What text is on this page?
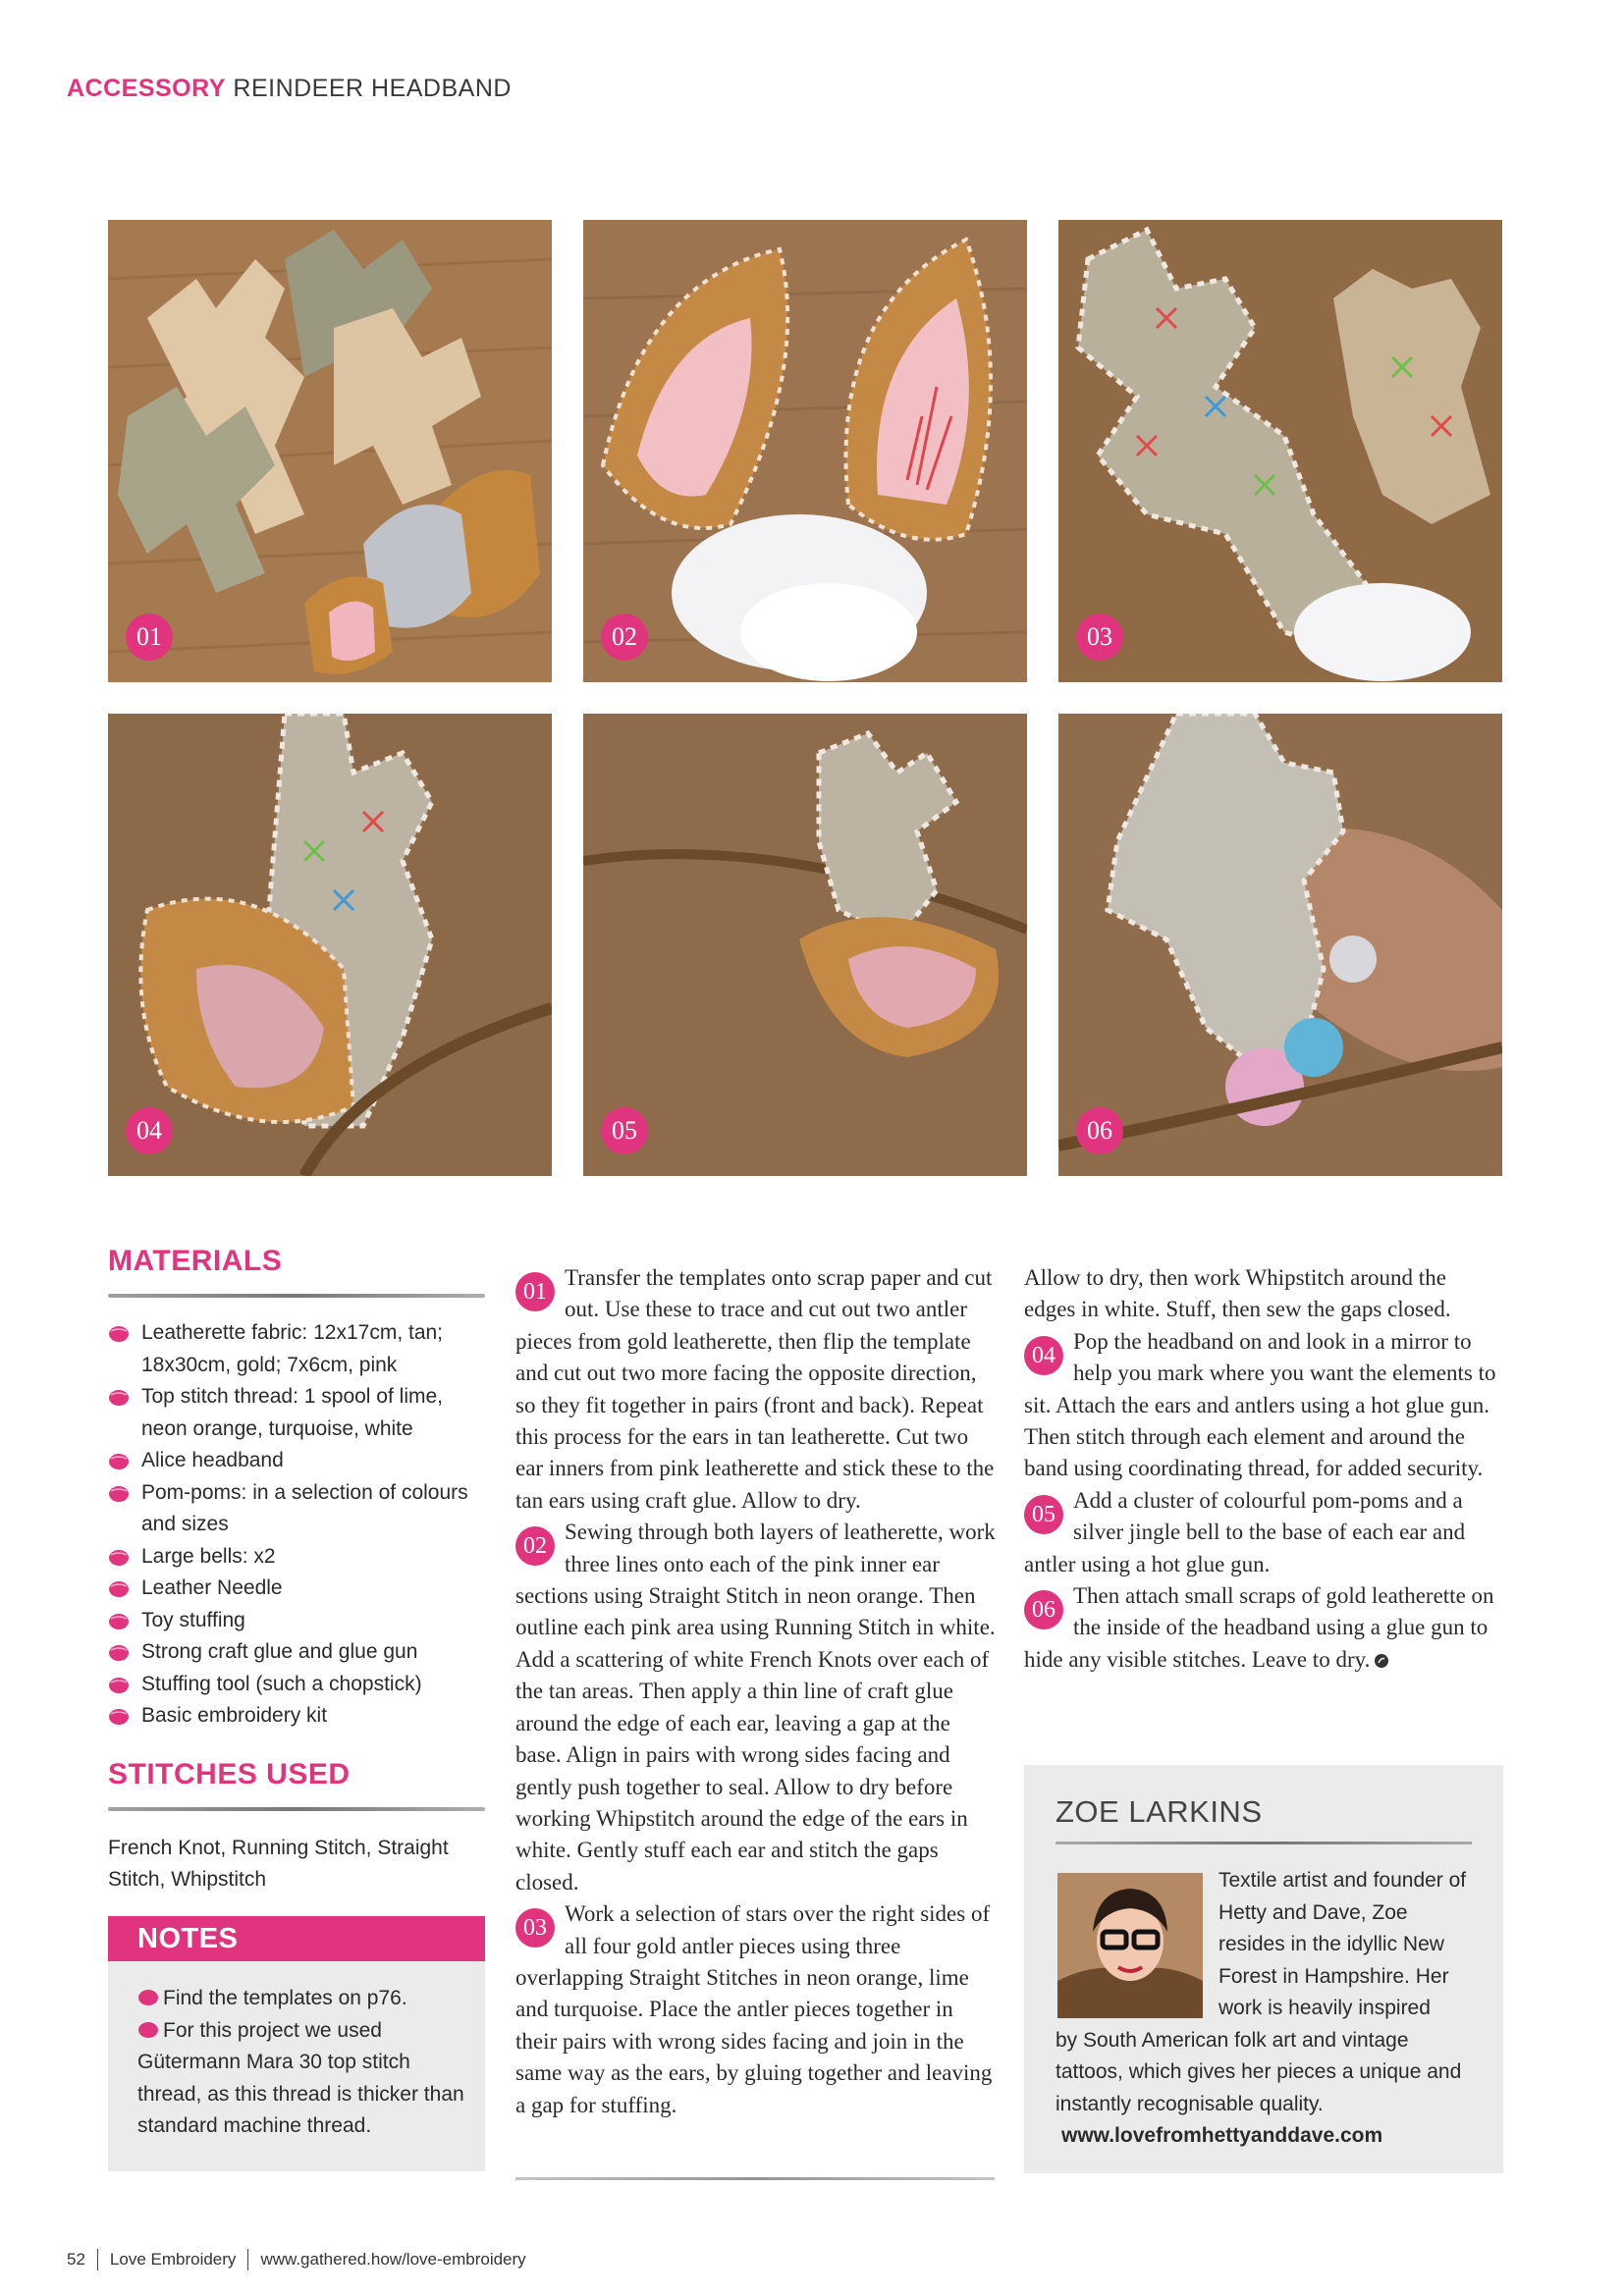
ACCESSORY REINDEER HEADBAND
01	02	03
04	05	06
MATERIALS
Leatherette fabric: 12x17cm, tan; 18x30cm, gold; 7x6cm, pink
Top stitch thread: 1 spool of lime, neon orange, turquoise, white
Alice headband
Pom-poms: in a selection of colours and sizes
Large bells: x2
Leather Needle
Toy stuffing
Strong craft glue and glue gun
Stuffing tool (such a chopstick)
Basic embroidery kit
STITCHES USED
French Knot, Running Stitch, Straight Stitch, Whipstitch
NOTES
Find the templates on p76.
For this project we used Gütermann Mara 30 top stitch thread, as this thread is thicker than standard machine thread.

01
Transfer the templates onto scrap paper and cut out. Use these to trace and cut out two antler pieces from gold leatherette, then flip the template and cut out two more facing the opposite direction, so they fit together in pairs (front and back). Repeat this process for the ears in tan leatherette. Cut two ear inners from pink leatherette and stick these to the tan ears using craft glue. Allow to dry.

02
Sewing through both layers of leatherette, work three lines onto each of the pink inner ear sections using Straight Stitch in neon orange. Then outline each pink area using Running Stitch in white. Add a scattering of white French Knots over each of the tan areas. Then apply a thin line of craft glue around the edge of each ear, leaving a gap at the base. Align in pairs with wrong sides facing and gently push together to seal. Allow to dry before working Whipstitch around the edge of the ears in white. Gently stuff each ear and stitch the gaps closed.

03
Work a selection of stars over the right sides of all four gold antler pieces using three overlapping Straight Stitches in neon orange, lime and turquoise. Place the antler pieces together in their pairs with wrong sides facing and join in the same way as the ears, by gluing together and leaving a gap for stuffing.

Allow to dry, then work Whipstitch around the edges in white. Stuff, then sew the gaps closed.

04
Pop the headband on and look in a mirror to help you mark where you want the elements to sit. Attach the ears and antlers using a hot glue gun. Then stitch through each element and around the band using coordinating thread, for added security.

05
Add a cluster of colourful pom-poms and a silver jingle bell to the base of each ear and antler using a hot glue gun.

06
Then attach small scraps of gold leatherette on the inside of the headband using a glue gun to hide any visible stitches. Leave to dry.

ZOE LARKINS
Textile artist and founder of Hetty and Dave, Zoe resides in the idyllic New Forest in Hampshire. Her work is heavily inspired
by South American folk art and vintage tattoos, which gives her pieces a unique and instantly recognisable quality.
www.lovefromhettyanddave.com
52 Love Embroidery www.gathered.how/love-embroidery
